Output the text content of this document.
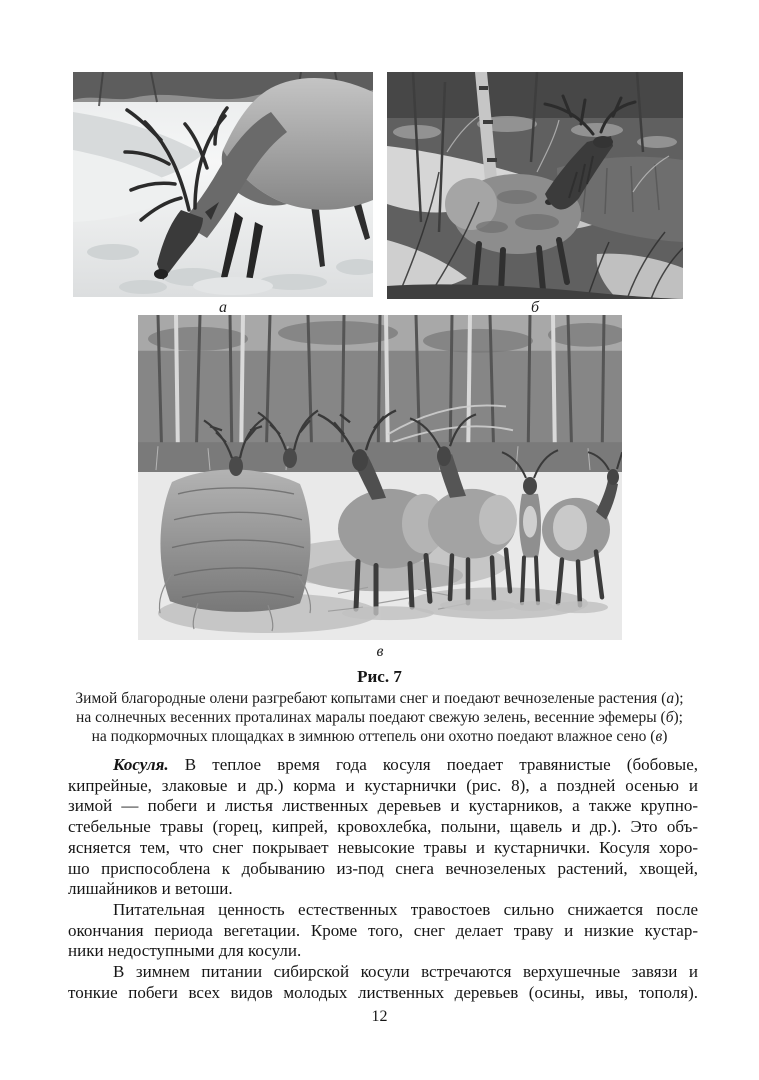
а	б
в
Рис. 7
Зимой благородные олени разгребают копытами снег и поедают вечнозеленые растения (а);
на солнечных весенних проталинах маралы поедают свежую зелень, весенние эфемеры (б);
на подкормочных площадках в зимнюю оттепель они охотно поедают влажное сено (в)
Косуля. В теплое время года косуля поедает травянистые (бобовые,
кипрейные, злаковые и др.) корма и кустарнички (рис. 8), а поздней осенью и
зимой — побеги и листья лиственных деревьев и кустарников, а также крупно-
стебельные травы (горец, кипрей, кровохлебка, полыни, щавель и др.). Это объ-
ясняется тем, что снег покрывает невысокие травы и кустарнички. Косуля хоро-
шо приспособлена к добыванию из-под снега вечнозеленых растений, хвощей,
лишайников и ветоши.
Питательная ценность естественных травостоев сильно снижается после
окончания периода вегетации. Кроме того, снег делает траву и низкие кустар-
ники недоступными для косули.
В зимнем питании сибирской косули встречаются верхушечные завязи и
тонкие побеги всех видов молодых лиственных деревьев (осины, ивы, тополя).
12
